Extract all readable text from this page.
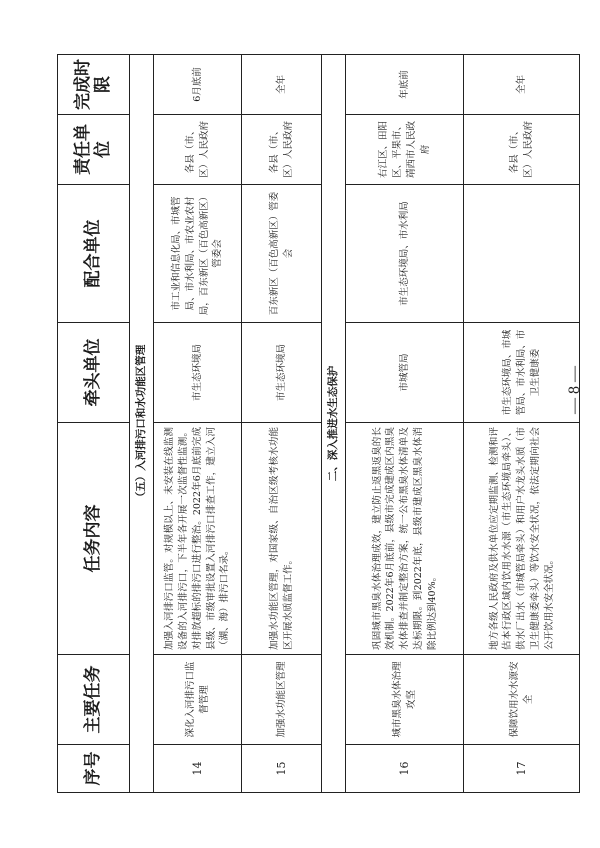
序号	主要任务	任务内容	牵头单位	配合单位	责任单位	完成时限
（五）入河排污口和水功能区管理						
14	深化入河排污口监督管理	加强入河排污口监管。对规模以上、未安装在线监测设备的入河排污口，下半年各开展一次监督性监测。对排放超标的排污口进行整治。2022年6月底前完成县级、市级审批设置入河排污口排查工作，建立入河（湖、海）排污口名录。	市生态环境局	市工业和信息化局、市城管局、市水利局、市农业农村局，百东新区（百色高新区）管委会	各县（市、区）人民政府	6月底前
15	加强水功能区管理	加强水功能区管理，对国家级、自治区级考核水功能区开展水质监督工作。	市生态环境局	百东新区（百色高新区）管委会	各县（市、区）人民政府	全年
二、深入推进水生态保护						
16	城市黑臭水体治理攻坚	巩固城市黑臭水体治理成效，建立防止返黑返臭的长效机制。2022年6月底前，县级市完成建成区内黑臭水体排查并制定整治方案，统一公布黑臭水体清单及达标期限。到2022年底，县级市建成区黑臭水体消除比例达到40%。	市城管局	市生态环境局、市水利局	右江区、田阳区、平果市、靖西市人民政府	年底前
17	保障饮用水水源安全	地方各级人民政府及供水单位应定期监测、检测和评估本行政区域内饮用水水源（市生态环境局牵头）、供水厂出水（市城管局牵头）和用户水龙头水质（市卫生健康委牵头）等饮水安全状况，依法定期向社会公开饮用水安全状况。	市生态环境局、市城管局、市水利局、市卫生健康委		各县（市、区）人民政府	全年
— 8 —
